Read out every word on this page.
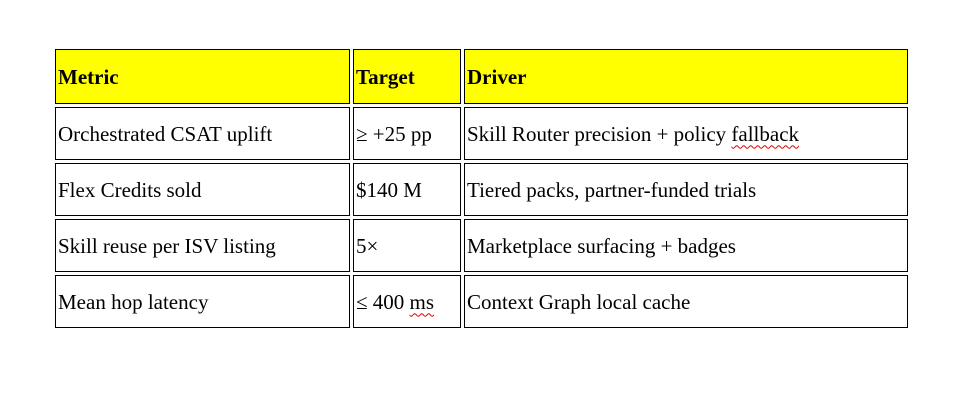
Metric	Target	Driver
Orchestrated CSAT uplift	≥ +25 pp	Skill Router precision + policy fallback
Flex Credits sold	$140 M	Tiered packs, partner-funded trials
Skill reuse per ISV listing	5×	Marketplace surfacing + badges
Mean hop latency	≤ 400 ms	Context Graph local cache
